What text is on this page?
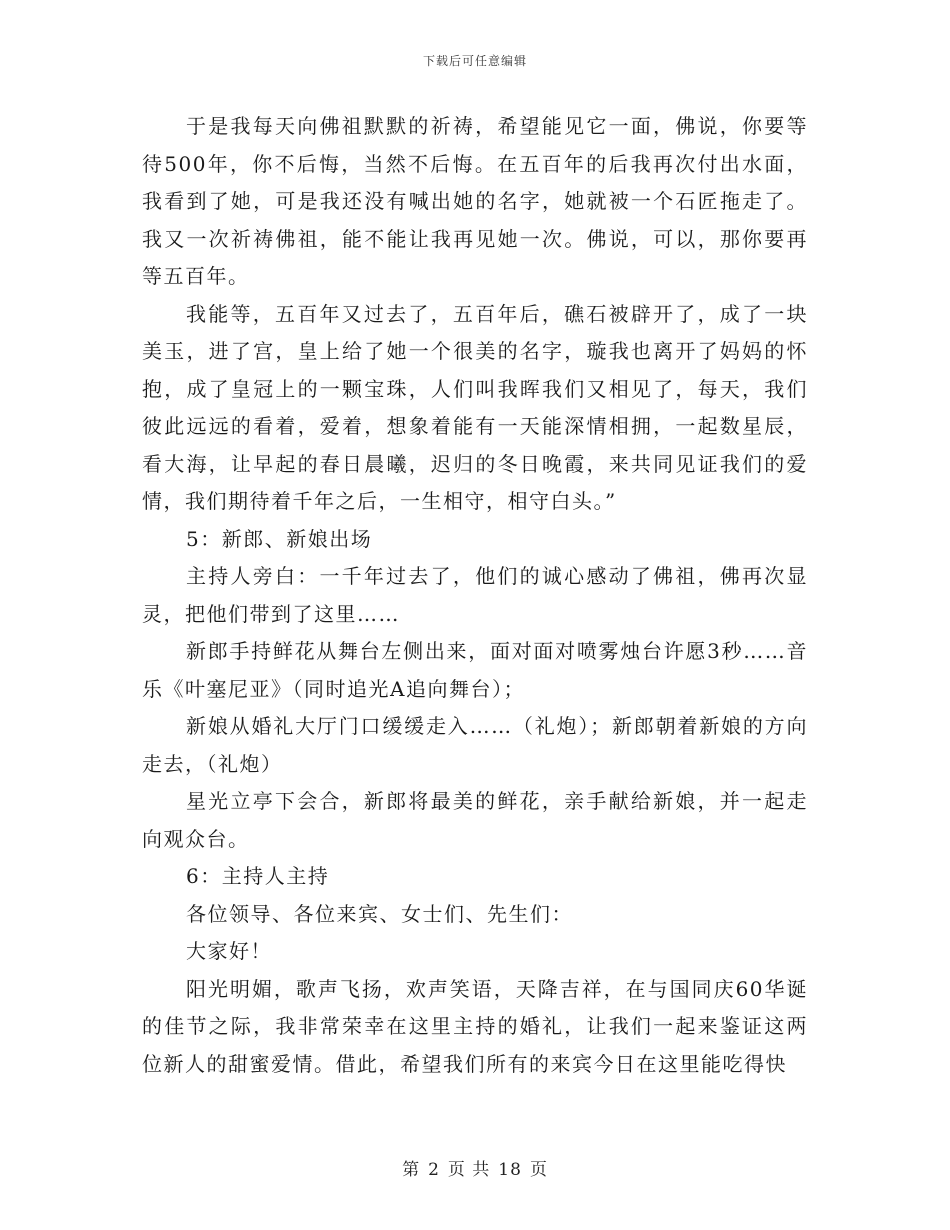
下载后可任意编辑

于是我每天向佛祖默默的祈祷，希望能见它一面，佛说，你要等待500年，你不后悔，当然不后悔。在五百年的后我再次付出水面，我看到了她，可是我还没有喊出她的名字，她就被一个石匠拖走了。我又一次祈祷佛祖，能不能让我再见她一次。佛说，可以，那你要再等五百年。

我能等，五百年又过去了，五百年后，礁石被辟开了，成了一块美玉，进了宫，皇上给了她一个很美的名字，璇我也离开了妈妈的怀抱，成了皇冠上的一颗宝珠，人们叫我晖我们又相见了，每天，我们彼此远远的看着，爱着，想象着能有一天能深情相拥，一起数星辰，看大海，让早起的春日晨曦，迟归的冬日晚霞，来共同见证我们的爱情，我们期待着千年之后，一生相守，相守白头。”

5：新郎、新娘出场

主持人旁白：一千年过去了，他们的诚心感动了佛祖，佛再次显灵，把他们带到了这里……

新郎手持鲜花从舞台左侧出来，面对面对喷雾烛台许愿3秒……音乐《叶塞尼亚》（同时追光A追向舞台）；

新娘从婚礼大厅门口缓缓走入……（礼炮）；新郎朝着新娘的方向走去，（礼炮）

星光立亭下会合，新郎将最美的鲜花，亲手献给新娘，并一起走向观众台。

6：主持人主持

各位领导、各位来宾、女士们、先生们：

大家好！

阳光明媚，歌声飞扬，欢声笑语，天降吉祥，在与国同庆60华诞的佳节之际，我非常荣幸在这里主持的婚礼，让我们一起来鉴证这两位新人的甜蜜爱情。借此，希望我们所有的来宾今日在这里能吃得快

第 2 页 共 18 页
